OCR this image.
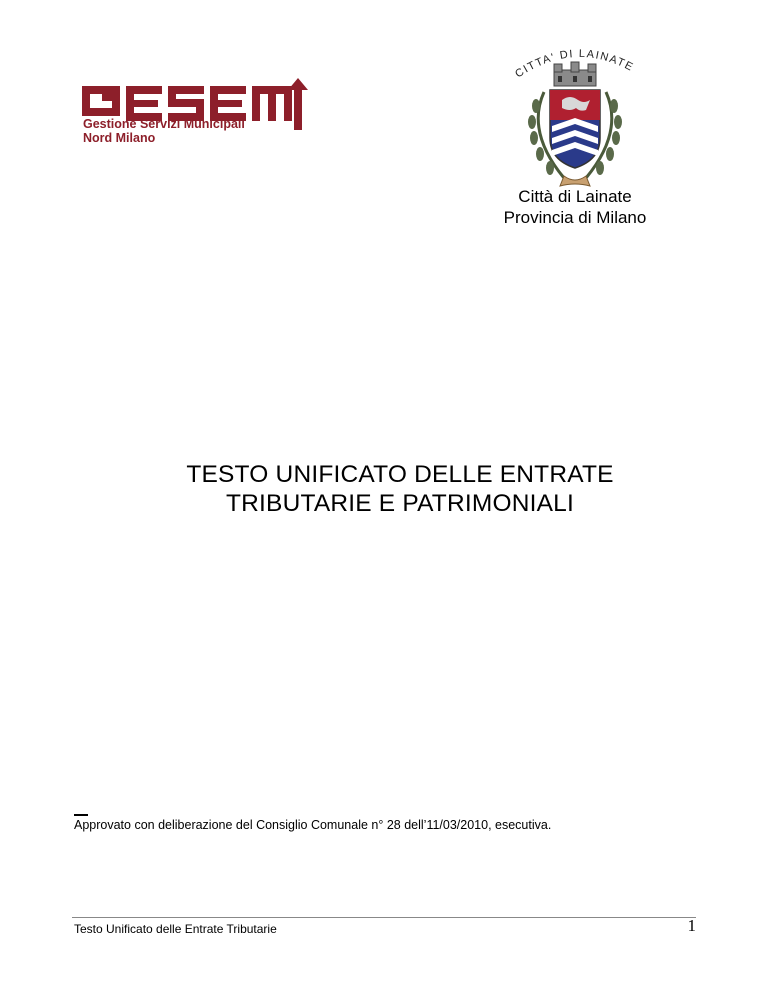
Gestione Servizi Municipali
Nord Milano
CITTA' DI LAINATE
Città di Lainate
Provincia di Milano
TESTO UNIFICATO DELLE ENTRATE
TRIBUTARIE E PATRIMONIALI
Approvato con deliberazione del Consiglio Comunale n° 28 dell’11/03/2010, esecutiva.
Testo Unificato delle Entrate Tributarie	1
